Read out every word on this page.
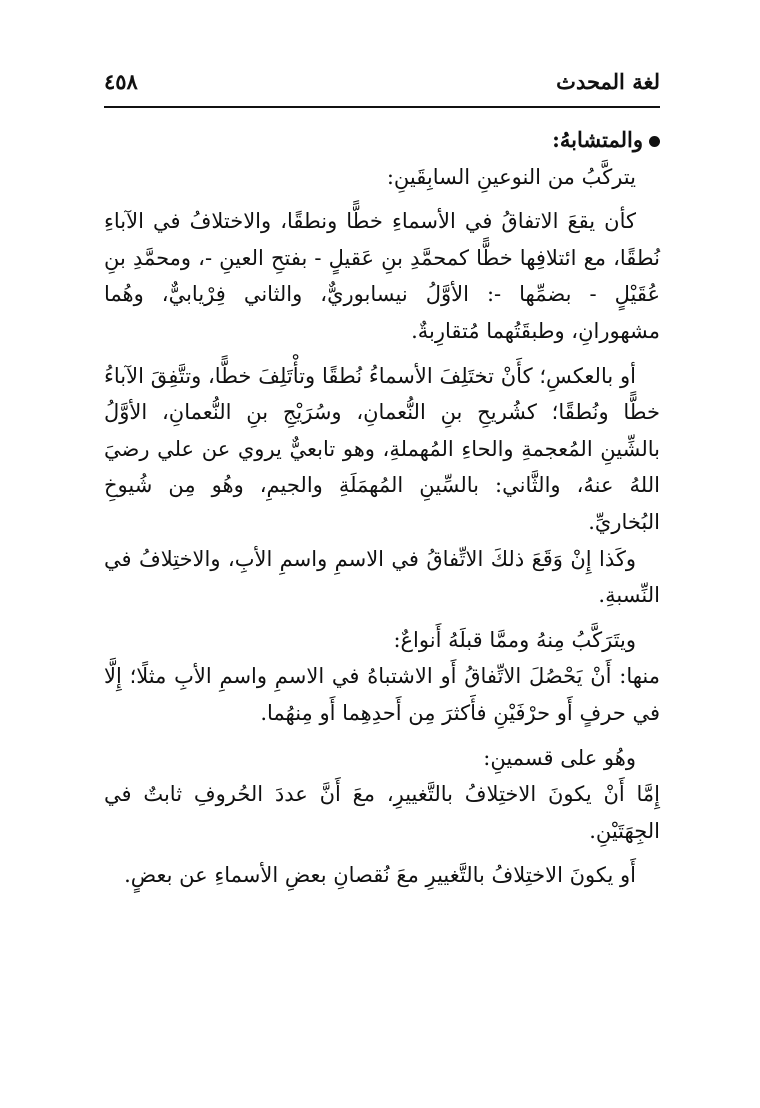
لغة المحدث
٤٥٨

والمتشابهُ:

يتركَّبُ من النوعينِ السابِقَينِ:

كأن يقعَ الاتفاقُ في الأسماءِ خطًّا ونطقًا، والاختلافُ في الآباءِ نُطقًا، مع ائتلافِها خطًّا كمحمَّدِ بنِ عَقيلٍ - بفتحِ العينِ -، ومحمَّدِ بنِ عُقَيْلٍ - بضمِّها -: الأوَّلُ نيسابوريٌّ، والثاني فِرْيابيٌّ، وهُما مشهورانِ، وطبقَتُهما مُتقارِبةٌ.

أو بالعكسِ؛ كأَنْ تختَلِفَ الأسماءُ نُطقًا وتأْتَلِفَ خطًّا، وتتَّفِقَ الآباءُ خطًّا ونُطقًا؛ كشُريحِ بنِ النُّعمانِ، وسُرَيْجِ بنِ النُّعمانِ، الأوَّلُ بالشِّينِ المُعجمةِ والحاءِ المُهملةِ، وهو تابعيٌّ يروي عن علي رضيَ اللهُ عنهُ، والثَّاني: بالسِّينِ المُهمَلَةِ والجيمِ، وهُو مِن شُيوخِ البُخاريِّ.

وكَذا إِنْ وَقَعَ ذلكَ الاتِّفاقُ في الاسمِ واسمِ الأبِ، والاختِلافُ في النِّسبةِ.

ويتَرَكَّبُ مِنهُ وممَّا قبلَهُ أَنواعٌ:

منها: أَنْ يَحْصُلَ الاتِّفاقُ أَو الاشتباهُ في الاسمِ واسمِ الأبِ مثلًا؛ إِلَّا في حرفٍ أَو حرْفَيْنِ فأَكثرَ مِن أَحدِهِما أَو مِنهُما.

وهُو على قسمينِ:

إِمَّا أَنْ يكونَ الاختِلافُ بالتَّغييرِ، معَ أَنَّ عددَ الحُروفِ ثابتٌ في الجِهَتَيْنِ.

أَو يكونَ الاختِلافُ بالتَّغييرِ معَ نُقصانِ بعضِ الأسماءِ عن بعضٍ.
